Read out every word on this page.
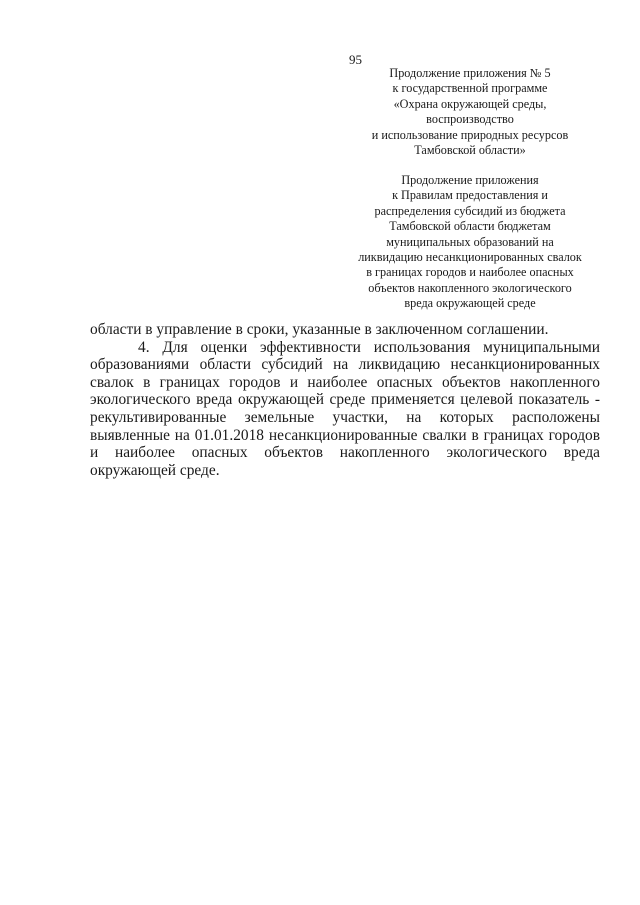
95
Продолжение приложения № 5
к государственной программе
«Охрана окружающей среды,
воспроизводство
и использование природных ресурсов
Тамбовской области»
Продолжение приложения
к Правилам предоставления и
распределения субсидий из бюджета
Тамбовской области бюджетам
муниципальных образований на
ликвидацию несанкционированных свалок
в границах городов и наиболее опасных
объектов накопленного экологического
вреда окружающей среде

области в управление в сроки, указанные в заключенном соглашении.

4. Для оценки эффективности использования муниципальными образованиями области субсидий на ликвидацию несанкционированных свалок в границах городов и наиболее опасных объектов накопленного экологического вреда окружающей среде применяется целевой показатель - рекультивированные земельные участки, на которых расположены выявленные на 01.01.2018 несанкционированные свалки в границах городов и наиболее опасных объектов накопленного экологического вреда окружающей среде.
